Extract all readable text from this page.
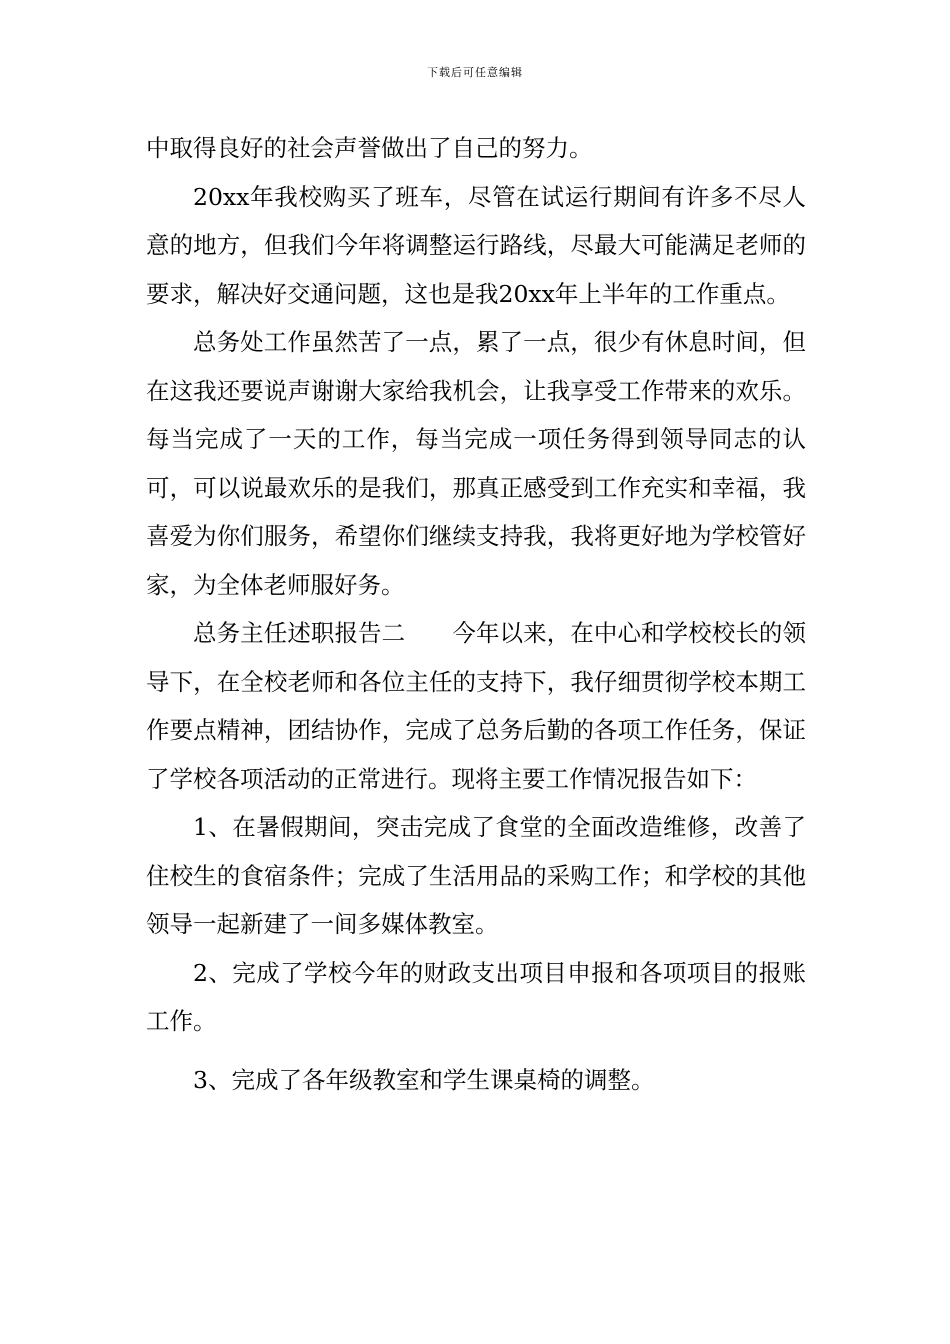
下载后可任意编辑

中取得良好的社会声誉做出了自己的努力。

20xx年我校购买了班车，尽管在试运行期间有许多不尽人意的地方，但我们今年将调整运行路线，尽最大可能满足老师的要求，解决好交通问题，这也是我20xx年上半年的工作重点。

总务处工作虽然苦了一点，累了一点，很少有休息时间，但在这我还要说声谢谢大家给我机会，让我享受工作带来的欢乐。每当完成了一天的工作，每当完成一项任务得到领导同志的认可，可以说最欢乐的是我们，那真正感受到工作充实和幸福，我喜爱为你们服务，希望你们继续支持我，我将更好地为学校管好家，为全体老师服好务。

总务主任述职报告二　　今年以来，在中心和学校校长的领导下，在全校老师和各位主任的支持下，我仔细贯彻学校本期工作要点精神，团结协作，完成了总务后勤的各项工作任务，保证了学校各项活动的正常进行。现将主要工作情况报告如下：

1、在暑假期间，突击完成了食堂的全面改造维修，改善了住校生的食宿条件；完成了生活用品的采购工作；和学校的其他领导一起新建了一间多媒体教室。

2、完成了学校今年的财政支出项目申报和各项项目的报账工作。

3、完成了各年级教室和学生课桌椅的调整。
